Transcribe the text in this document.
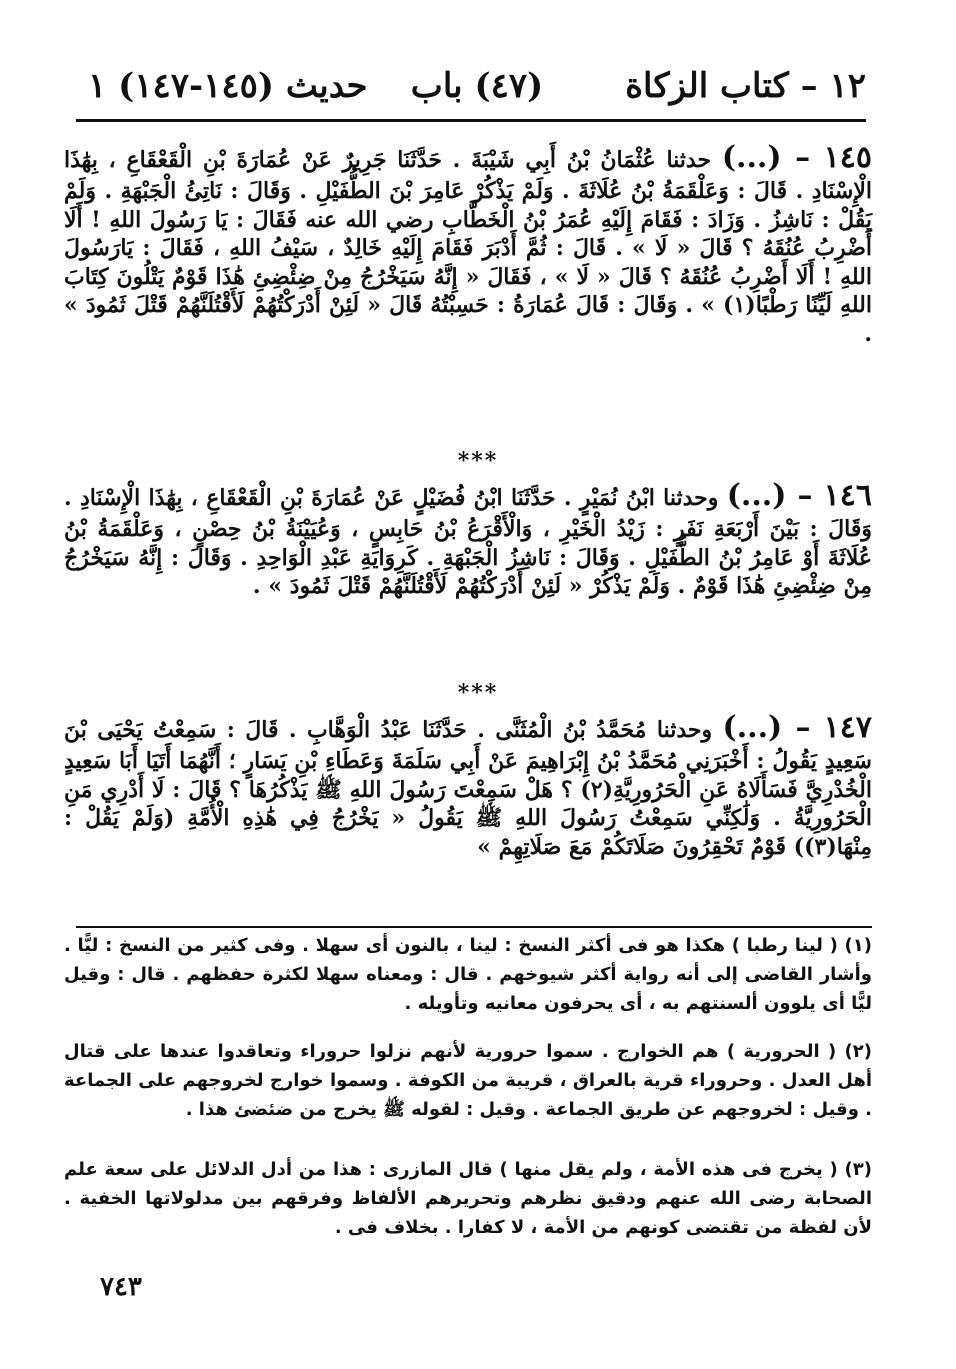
١٢ – كتاب الزكاة
(٤٧) باب
حديث (١٤٥-١٤٧) ١
١٤٥ – (...) حدثنا عُثْمَانُ بْنُ أَبِي شَيْبَةَ . حَدَّثَنَا جَرِيرٌ عَنْ عُمَارَةَ بْنِ الْقَعْقَاعِ ، بِهَٰذَا الْإِسْنَادِ . قَالَ : وَعَلْقَمَةُ بْنُ عُلَاثَةَ . وَلَمْ يَذْكُرْ عَامِرَ بْنَ الطُّفَيْلِ . وَقَالَ : نَاتِئُ الْجَبْهَةِ . وَلَمْ يَقُلْ : نَاشِزُ . وَزَادَ : فَقَامَ إِلَيْهِ عُمَرُ بْنُ الْخَطَّابِ رضي الله عنه فَقَالَ : يَا رَسُولَ اللهِ ! أَلَا أَضْرِبُ عُنُقَهُ ؟ قَالَ « لَا » . قَالَ : ثُمَّ أَدْبَرَ فَقَامَ إِلَيْهِ خَالِدٌ ، سَيْفُ اللهِ ، فَقَالَ : يَارَسُولَ اللهِ ! أَلَا أَضْرِبُ عُنُقَهُ ؟ قَالَ « لَا » ، فَقَالَ « إِنَّهُ سَيَخْرُجُ مِنْ ضِئْضِئِ هَٰذَا قَوْمٌ يَتْلُونَ كِتَابَ اللهِ لَيِّنًا رَطْبًا(١) » . وَقَالَ : قَالَ عُمَارَةُ : حَسِبْتُهُ قَالَ « لَئِنْ أَدْرَكْتُهُمْ لَأَقْتُلَنَّهُمْ قَتْلَ ثَمُودَ » .
***
١٤٦ – (...) وحدثنا ابْنُ نُمَيْرٍ . حَدَّثَنَا ابْنُ فُضَيْلٍ عَنْ عُمَارَةَ بْنِ الْقَعْقَاعِ ، بِهَٰذَا الْإِسْنَادِ . وَقَالَ : بَيْنَ أَرْبَعَةِ نَفَرٍ : زَيْدُ الْخَيْرِ ، وَالْأَقْرَعُ بْنُ حَابِسٍ ، وَعُيَيْنَةُ بْنُ حِصْنٍ ، وَعَلْقَمَةُ بْنُ عُلَاثَةَ أَوْ عَامِرُ بْنُ الطُّفَيْلِ . وَقَالَ : نَاشِزُ الْجَبْهَةِ . كَرِوَايَةِ عَبْدِ الْوَاحِدِ . وَقَالَ : إِنَّهُ سَيَخْرُجُ مِنْ ضِئْضِئِ هَٰذَا قَوْمٌ . وَلَمْ يَذْكُرْ « لَئِنْ أَدْرَكْتُهُمْ لَأَقْتُلَنَّهُمْ قَتْلَ ثَمُودَ » .
***
١٤٧ – (...) وحدثنا مُحَمَّدُ بْنُ الْمُثَنَّى . حَدَّثَنَا عَبْدُ الْوَهَّابِ . قَالَ : سَمِعْتُ يَحْيَى بْنَ سَعِيدٍ يَقُولُ : أَخْبَرَنِي مُحَمَّدُ بْنُ إِبْرَاهِيمَ عَنْ أَبِي سَلَمَةَ وَعَطَاءِ بْنِ يَسَارٍ ؛ أَنَّهُمَا أَتَيَا أَبَا سَعِيدٍ الْخُدْرِيَّ فَسَأَلَاهُ عَنِ الْحَرُورِيَّةِ(٢) ؟ هَلْ سَمِعْتَ رَسُولَ اللهِ ﷺ يَذْكُرُهَا ؟ قَالَ : لَا أَدْرِي مَنِ الْحَرُورِيَّةُ . وَلَٰكِنِّي سَمِعْتُ رَسُولَ اللهِ ﷺ يَقُولُ « يَخْرُجُ فِي هَٰذِهِ الْأُمَّةِ (وَلَمْ يَقُلْ : مِنْهَا(٣)) قَوْمٌ تَحْقِرُونَ صَلَاتَكُمْ مَعَ صَلَاتِهِمْ »
(١) ( لينا رطبا ) هكذا هو فى أكثر النسخ : لينا ، بالنون أى سهلا . وفى كثير من النسخ : ليًّا . وأشار القاضى إلى أنه رواية أكثر شيوخهم . قال : ومعناه سهلا لكثرة حفظهم . قال : وقيل ليًّا أى يلوون ألسنتهم به ، أى يحرفون معانيه وتأويله .
(٢) ( الحرورية ) هم الخوارج . سموا حرورية لأنهم نزلوا حروراء وتعاقدوا عندها على قتال أهل العدل . وحروراء قرية بالعراق ، قريبة من الكوفة . وسموا خوارج لخروجهم على الجماعة . وقيل : لخروجهم عن طريق الجماعة . وقيل : لقوله ﷺ يخرج من ضئضئ هذا .
(٣) ( يخرج فى هذه الأمة ، ولم يقل منها ) قال المازرى : هذا من أدل الدلائل على سعة علم الصحابة رضى الله عنهم ودقيق نظرهم وتحريرهم الألفاظ وفرقهم بين مدلولاتها الخفية . لأن لفظة من تقتضى كونهم من الأمة ، لا كفارا . بخلاف فى .
٧٤٣
